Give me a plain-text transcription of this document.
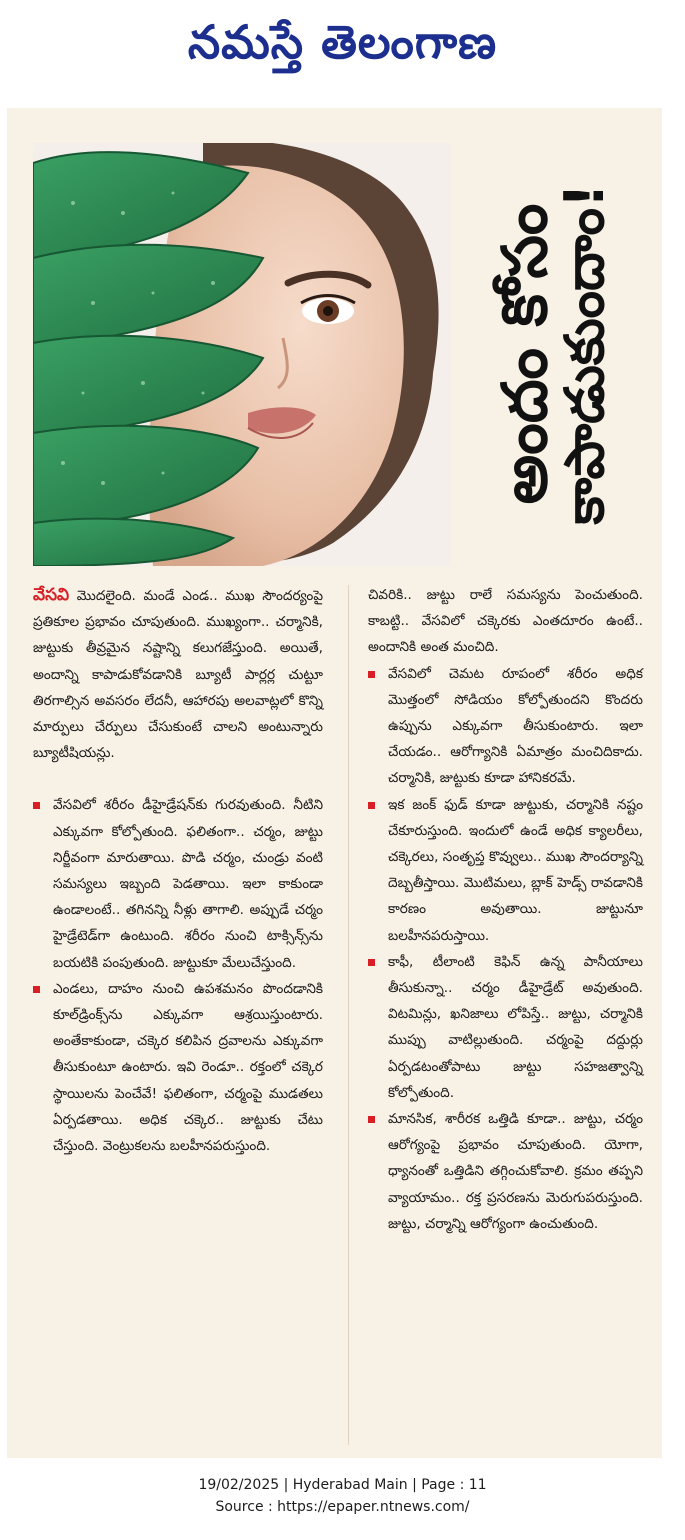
నమస్తే తెలంగాణ
అందం కోసం
కాపాడుకుందాం!

వేసవి మొదలైంది. మండే ఎండ.. ముఖ సౌందర్యంపై ప్రతికూల ప్రభావం చూపుతుంది. ముఖ్యంగా.. చర్మానికి, జుట్టుకు తీవ్రమైన నష్టాన్ని కలుగజేస్తుంది. అయితే, అందాన్ని కాపాడుకోవడానికి బ్యూటీ పార్లర్ల చుట్టూ తిరగాల్సిన అవసరం లేదనీ, ఆహారపు అలవాట్లలో కొన్ని మార్పులు చేర్పులు చేసుకుంటే చాలని అంటున్నారు బ్యూటీషియన్లు.

వేసవిలో శరీరం డీహైడ్రేషన్‌కు గురవుతుంది. నీటిని ఎక్కువగా కోల్పోతుంది. ఫలితంగా.. చర్మం, జుట్టు నిర్జీవంగా మారుతాయి. పొడి చర్మం, చుండ్రు వంటి సమస్యలు ఇబ్బంది పెడతాయి. ఇలా కాకుండా ఉండాలంటే.. తగినన్ని నీళ్లు తాగాలి. అప్పుడే చర్మం హైడ్రేటెడ్‌గా ఉంటుంది. శరీరం నుంచి టాక్సిన్స్‌ను బయటికి పంపుతుంది. జుట్టుకూ మేలుచేస్తుంది.

ఎండలు, దాహం నుంచి ఉపశమనం పొందడానికి కూల్‌డ్రింక్స్‌ను ఎక్కువగా ఆశ్రయిస్తుంటారు. అంతేకాకుండా, చక్కెర కలిపిన ద్రవాలను ఎక్కువగా తీసుకుంటూ ఉంటారు. ఇవి రెండూ.. రక్తంలో చక్కెర స్థాయిలను పెంచేవే! ఫలితంగా, చర్మంపై ముడతలు ఏర్పడతాయి. అధిక చక్కెర.. జుట్టుకు చేటు చేస్తుంది. వెంట్రుకలను బలహీనపరుస్తుంది.

చివరికి.. జుట్టు రాలే సమస్యను పెంచుతుంది. కాబట్టి.. వేసవిలో చక్కెరకు ఎంతదూరం ఉంటే.. అందానికి అంత మంచిది.

వేసవిలో చెమట రూపంలో శరీరం అధిక మొత్తంలో సోడియం కోల్పోతుందని కొందరు ఉప్పును ఎక్కువగా తీసుకుంటారు. ఇలా చేయడం.. ఆరోగ్యానికి ఏమాత్రం మంచిదికాదు. చర్మానికి, జుట్టుకు కూడా హానికరమే.

ఇక జంక్ ఫుడ్ కూడా జుట్టుకు, చర్మానికి నష్టం చేకూరుస్తుంది. ఇందులో ఉండే అధిక క్యాలరీలు, చక్కెరలు, సంతృప్త కొవ్వులు.. ముఖ సౌందర్యాన్ని దెబ్బతీస్తాయి. మొటిమలు, బ్లాక్ హెడ్స్ రావడానికి కారణం అవుతాయి. జుట్టునూ బలహీనపరుస్తాయి.

కాఫీ, టీలాంటి కెఫిన్ ఉన్న పానీయాలు తీసుకున్నా.. చర్మం డీహైడ్రేట్ అవుతుంది. విటమిన్లు, ఖనిజాలు లోపిస్తే.. జుట్టు, చర్మానికి ముప్పు వాటిల్లుతుంది. చర్మంపై దద్దుర్లు ఏర్పడటంతోపాటు జుట్టు సహజత్వాన్ని కోల్పోతుంది.

మానసిక, శారీరక ఒత్తిడి కూడా.. జుట్టు, చర్మం ఆరోగ్యంపై ప్రభావం చూపుతుంది. యోగా, ధ్యానంతో ఒత్తిడిని తగ్గించుకోవాలి. క్రమం తప్పని వ్యాయామం.. రక్త ప్రసరణను మెరుగుపరుస్తుంది. జుట్టు, చర్మాన్ని ఆరోగ్యంగా ఉంచుతుంది.

19/02/2025 | Hyderabad Main | Page : 11
Source : https://epaper.ntnews.com/
